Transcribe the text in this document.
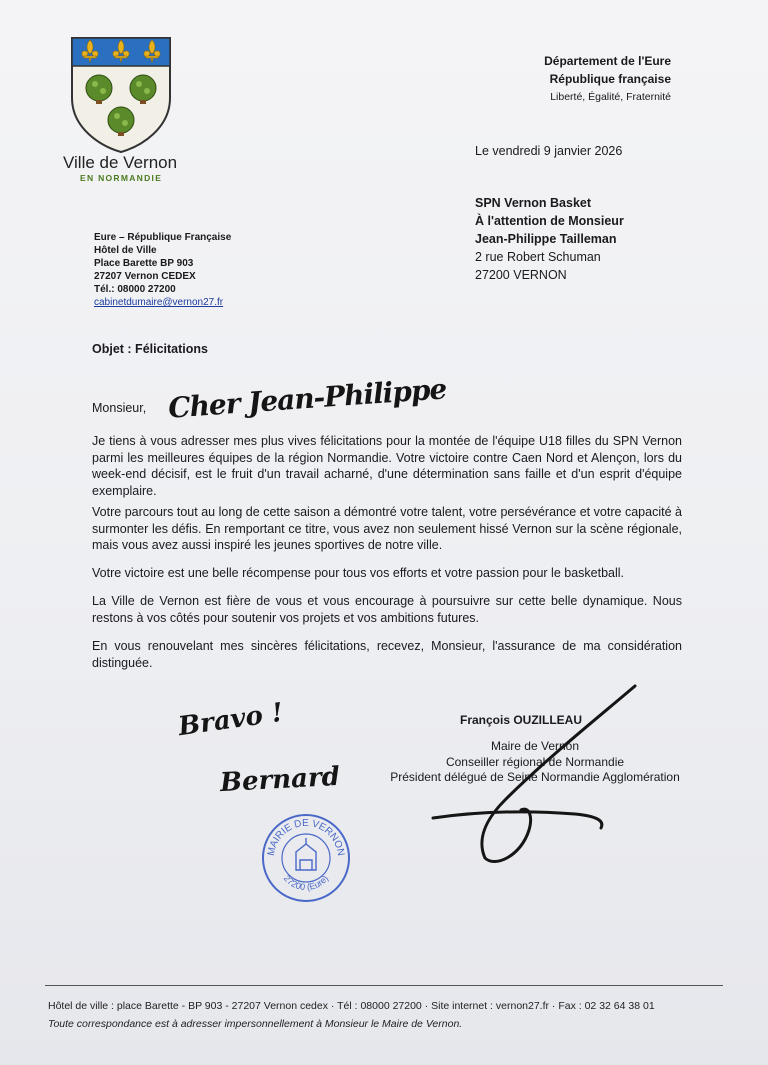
Ville de Vernon
EN NORMANDIE
Département de l'Eure
République française
Liberté, Égalité, Fraternité
Le vendredi 9 janvier 2026
SPN Vernon Basket
À l'attention de Monsieur
Jean-Philippe Tailleman
2 rue Robert Schuman
27200 VERNON
Eure – République Française
Hôtel de Ville
Place Barette BP 903
27207 Vernon CEDEX
Tél.: 08000 27200
cabinetdumaire@vernon27.fr
Objet : Félicitations
Monsieur, Cher Jean-Philippe
Je tiens à vous adresser mes plus vives félicitations pour la montée de l'équipe U18 filles du SPN Vernon parmi les meilleures équipes de la région Normandie. Votre victoire contre Caen Nord et Alençon, lors du week-end décisif, est le fruit d'un travail acharné, d'une détermination sans faille et d'un esprit d'équipe exemplaire.
Votre parcours tout au long de cette saison a démontré votre talent, votre persévérance et votre capacité à surmonter les défis. En remportant ce titre, vous avez non seulement hissé Vernon sur la scène régionale, mais vous avez aussi inspiré les jeunes sportives de notre ville.
Votre victoire est une belle récompense pour tous vos efforts et votre passion pour le basketball.
La Ville de Vernon est fière de vous et vous encourage à poursuivre sur cette belle dynamique. Nous restons à vos côtés pour soutenir vos projets et vos ambitions futures.
En vous renouvelant mes sincères félicitations, recevez, Monsieur, l'assurance de ma considération distinguée.
François OUZILLEAU
Maire de Vernon
Conseiller régional de Normandie
Président délégué de Seine Normandie Agglomération
Bravo !
Bernard
MAIRIE DE VERNON
27200 (Eure)
Hôtel de ville : place Barette - BP 903 - 27207 Vernon cedex · Tél : 08000 27200 · Site internet : vernon27.fr · Fax : 02 32 64 38 01
Toute correspondance est à adresser impersonnellement à Monsieur le Maire de Vernon.
